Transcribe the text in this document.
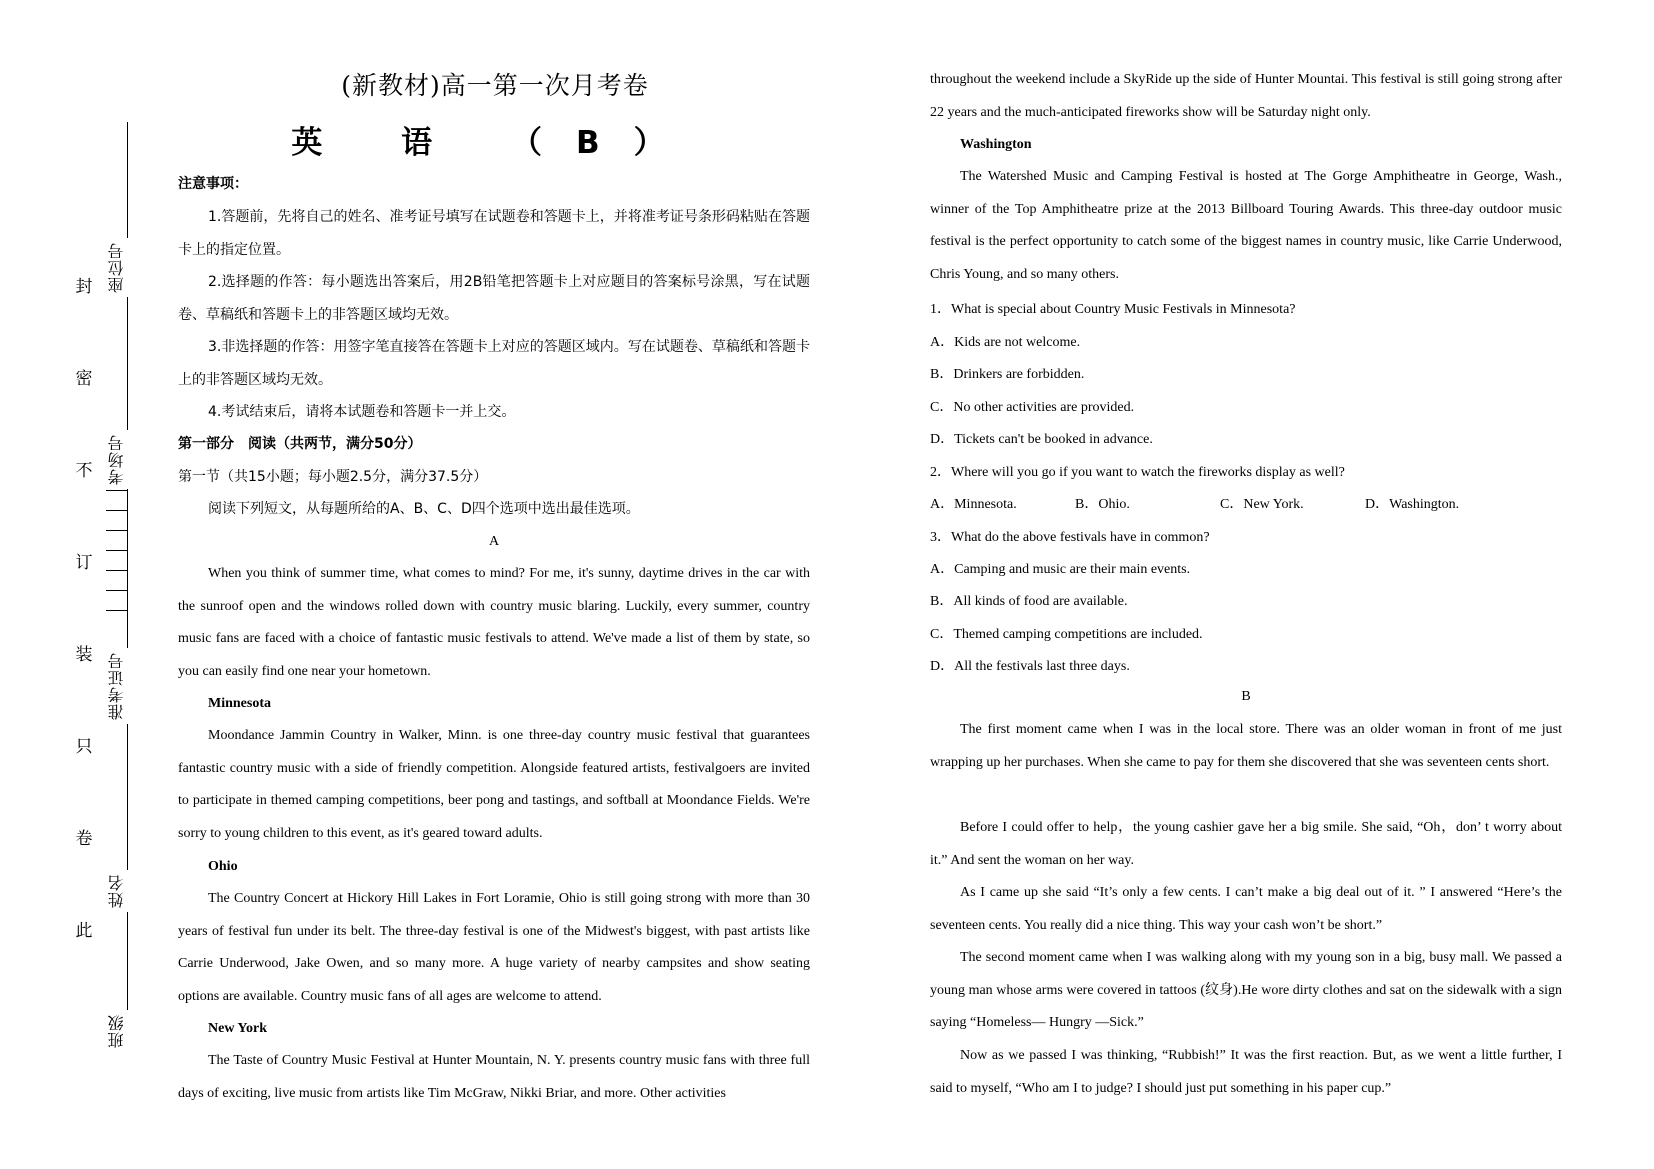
封
密
不
订
装
只
卷
此
座位号
考场号
准考证号
姓名
班级
(新教材)高一第一次月考卷
英 语 （B）
注意事项：
1.答题前，先将自己的姓名、准考证号填写在试题卷和答题卡上，并将准考证号条形码粘贴在答题卡上的指定位置。
2.选择题的作答：每小题选出答案后，用2B铅笔把答题卡上对应题目的答案标号涂黑，写在试题卷、草稿纸和答题卡上的非答题区域均无效。
3.非选择题的作答：用签字笔直接答在答题卡上对应的答题区域内。写在试题卷、草稿纸和答题卡上的非答题区域均无效。
4.考试结束后，请将本试题卷和答题卡一并上交。
第一部分　阅读（共两节，满分50分）
第一节（共15小题；每小题2.5分，满分37.5分）
阅读下列短文，从每题所给的A、B、C、D四个选项中选出最佳选项。
A
When you think of summer time, what comes to mind? For me, it's sunny, daytime drives in the car with the sunroof open and the windows rolled down with country music blaring. Luckily, every summer, country music fans are faced with a choice of fantastic music festivals to attend. We've made a list of them by state, so you can easily find one near your hometown.
Minnesota
Moondance Jammin Country in Walker, Minn. is one three-day country music festival that guarantees fantastic country music with a side of friendly competition. Alongside featured artists, festivalgoers are invited to participate in themed camping competitions, beer pong and tastings, and softball at Moondance Fields. We're sorry to young children to this event, as it's geared toward adults.
Ohio
The Country Concert at Hickory Hill Lakes in Fort Loramie, Ohio is still going strong with more than 30 years of festival fun under its belt. The three-day festival is one of the Midwest's biggest, with past artists like Carrie Underwood, Jake Owen, and so many more. A huge variety of nearby campsites and show seating options are available. Country music fans of all ages are welcome to attend.
New York
The Taste of Country Music Festival at Hunter Mountain, N. Y. presents country music fans with three full days of exciting, live music from artists like Tim McGraw, Nikki Briar, and more. Other activities
throughout the weekend include a SkyRide up the side of Hunter Mountai. This festival is still going strong after 22 years and the much-anticipated fireworks show will be Saturday night only.
Washington
The Watershed Music and Camping Festival is hosted at The Gorge Amphitheatre in George, Wash., winner of the Top Amphitheatre prize at the 2013 Billboard Touring Awards. This three-day outdoor music festival is the perfect opportunity to catch some of the biggest names in country music, like Carrie Underwood, Chris Young, and so many others.
1．What is special about Country Music Festivals in Minnesota?
A．Kids are not welcome.
B．Drinkers are forbidden.
C．No other activities are provided.
D．Tickets can't be booked in advance.
2．Where will you go if you want to watch the fireworks display as well?
A．Minnesota.	B．Ohio.	C．New York.	D．Washington.
3．What do the above festivals have in common?
A．Camping and music are their main events.
B．All kinds of food are available.
C．Themed camping competitions are included.
D．All the festivals last three days.
B
The first moment came when I was in the local store. There was an older woman in front of me just wrapping up her purchases. When she came to pay for them she discovered that she was seventeen cents short.
Before I could offer to help，the young cashier gave her a big smile. She said, “Oh，don’ t worry about it.” And sent the woman on her way.
As I came up she said “It’s only a few cents. I can’t make a big deal out of it. ” I answered “Here’s the seventeen cents. You really did a nice thing. This way your cash won’t be short.”
The second moment came when I was walking along with my young son in a big, busy mall. We passed a young man whose arms were covered in tattoos (纹身).He wore dirty clothes and sat on the sidewalk with a sign saying “Homeless— Hungry —Sick.”
Now as we passed I was thinking, “Rubbish!” It was the first reaction. But, as we went a little further, I said to myself, “Who am I to judge? I should just put something in his paper cup.”
